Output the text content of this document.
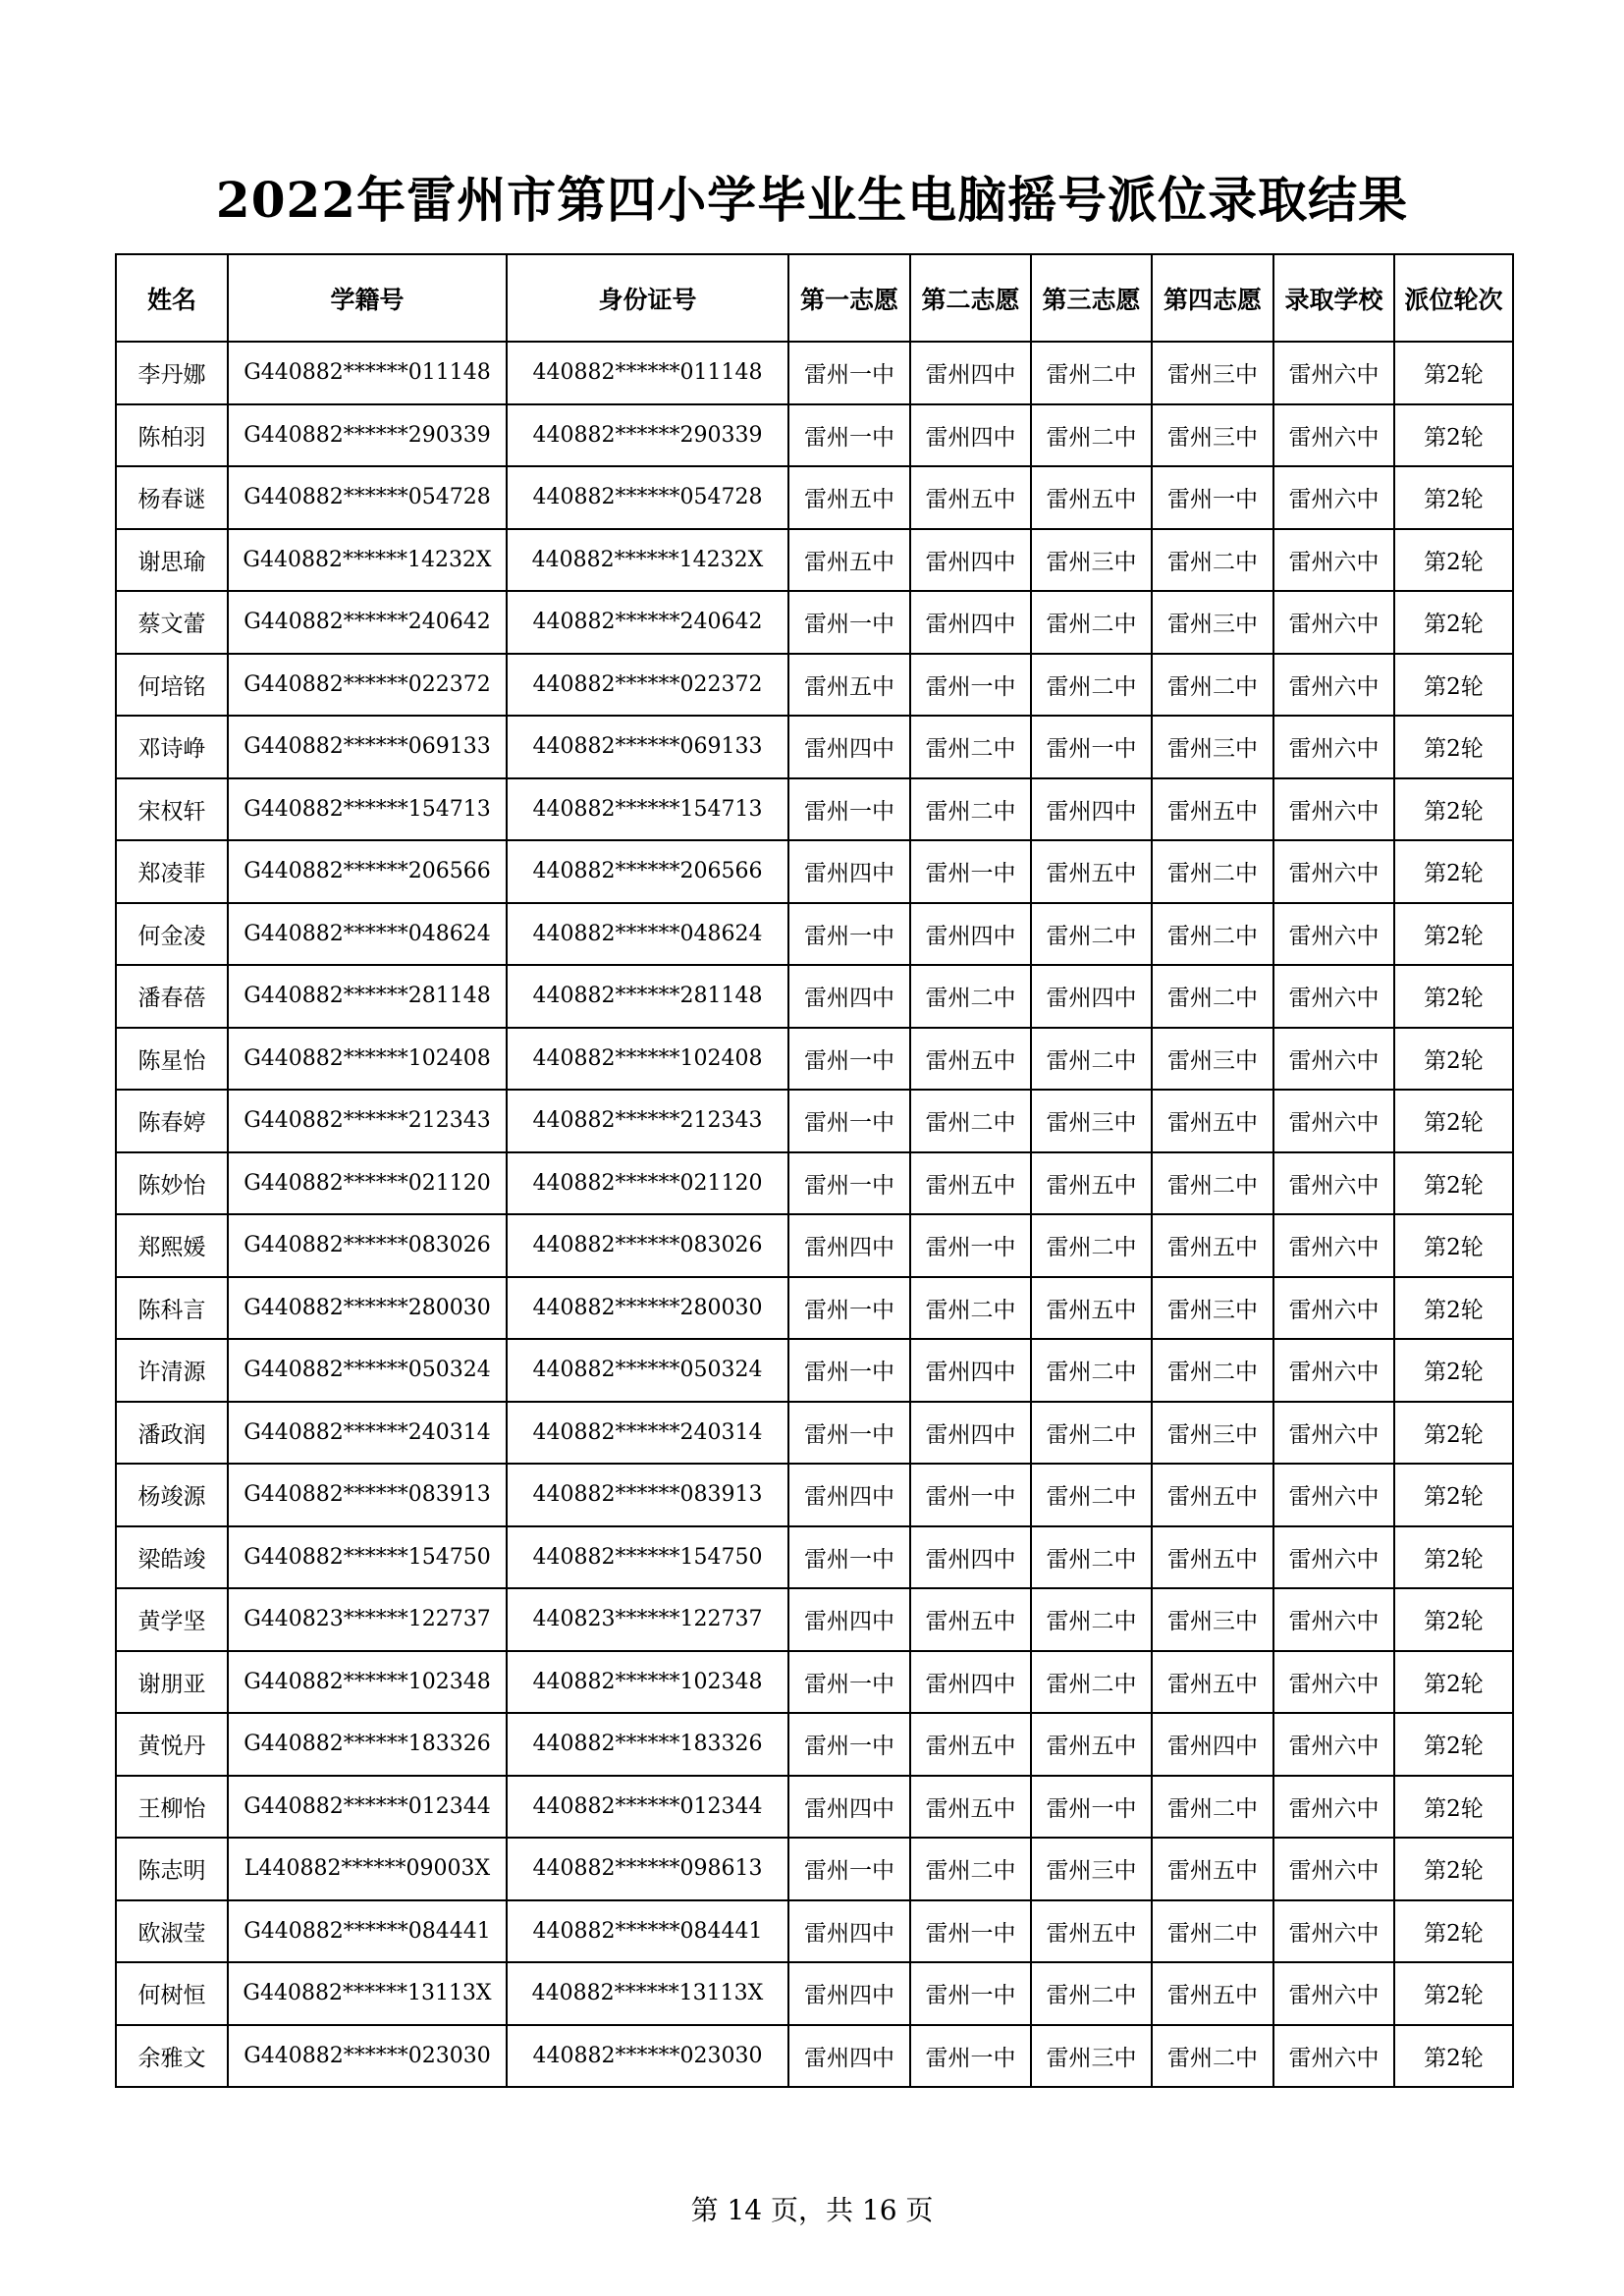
2022年雷州市第四小学毕业生电脑摇号派位录取结果
姓名	学籍号	身份证号	第一志愿	第二志愿	第三志愿	第四志愿	录取学校	派位轮次
李丹娜	G440882******011148	440882******011148	雷州一中	雷州四中	雷州二中	雷州三中	雷州六中	第2轮
陈柏羽	G440882******290339	440882******290339	雷州一中	雷州四中	雷州二中	雷州三中	雷州六中	第2轮
杨春谜	G440882******054728	440882******054728	雷州五中	雷州五中	雷州五中	雷州一中	雷州六中	第2轮
谢思瑜	G440882******14232X	440882******14232X	雷州五中	雷州四中	雷州三中	雷州二中	雷州六中	第2轮
蔡文蕾	G440882******240642	440882******240642	雷州一中	雷州四中	雷州二中	雷州三中	雷州六中	第2轮
何培铭	G440882******022372	440882******022372	雷州五中	雷州一中	雷州二中	雷州二中	雷州六中	第2轮
邓诗峥	G440882******069133	440882******069133	雷州四中	雷州二中	雷州一中	雷州三中	雷州六中	第2轮
宋权轩	G440882******154713	440882******154713	雷州一中	雷州二中	雷州四中	雷州五中	雷州六中	第2轮
郑凌菲	G440882******206566	440882******206566	雷州四中	雷州一中	雷州五中	雷州二中	雷州六中	第2轮
何金凌	G440882******048624	440882******048624	雷州一中	雷州四中	雷州二中	雷州二中	雷州六中	第2轮
潘春蓓	G440882******281148	440882******281148	雷州四中	雷州二中	雷州四中	雷州二中	雷州六中	第2轮
陈星怡	G440882******102408	440882******102408	雷州一中	雷州五中	雷州二中	雷州三中	雷州六中	第2轮
陈春婷	G440882******212343	440882******212343	雷州一中	雷州二中	雷州三中	雷州五中	雷州六中	第2轮
陈妙怡	G440882******021120	440882******021120	雷州一中	雷州五中	雷州五中	雷州二中	雷州六中	第2轮
郑熙媛	G440882******083026	440882******083026	雷州四中	雷州一中	雷州二中	雷州五中	雷州六中	第2轮
陈科言	G440882******280030	440882******280030	雷州一中	雷州二中	雷州五中	雷州三中	雷州六中	第2轮
许清源	G440882******050324	440882******050324	雷州一中	雷州四中	雷州二中	雷州二中	雷州六中	第2轮
潘政润	G440882******240314	440882******240314	雷州一中	雷州四中	雷州二中	雷州三中	雷州六中	第2轮
杨竣源	G440882******083913	440882******083913	雷州四中	雷州一中	雷州二中	雷州五中	雷州六中	第2轮
梁皓竣	G440882******154750	440882******154750	雷州一中	雷州四中	雷州二中	雷州五中	雷州六中	第2轮
黄学坚	G440823******122737	440823******122737	雷州四中	雷州五中	雷州二中	雷州三中	雷州六中	第2轮
谢朋亚	G440882******102348	440882******102348	雷州一中	雷州四中	雷州二中	雷州五中	雷州六中	第2轮
黄悦丹	G440882******183326	440882******183326	雷州一中	雷州五中	雷州五中	雷州四中	雷州六中	第2轮
王柳怡	G440882******012344	440882******012344	雷州四中	雷州五中	雷州一中	雷州二中	雷州六中	第2轮
陈志明	L440882******09003X	440882******098613	雷州一中	雷州二中	雷州三中	雷州五中	雷州六中	第2轮
欧淑莹	G440882******084441	440882******084441	雷州四中	雷州一中	雷州五中	雷州二中	雷州六中	第2轮
何树恒	G440882******13113X	440882******13113X	雷州四中	雷州一中	雷州二中	雷州五中	雷州六中	第2轮
余雅文	G440882******023030	440882******023030	雷州四中	雷州一中	雷州三中	雷州二中	雷州六中	第2轮
第 14 页，共 16 页
